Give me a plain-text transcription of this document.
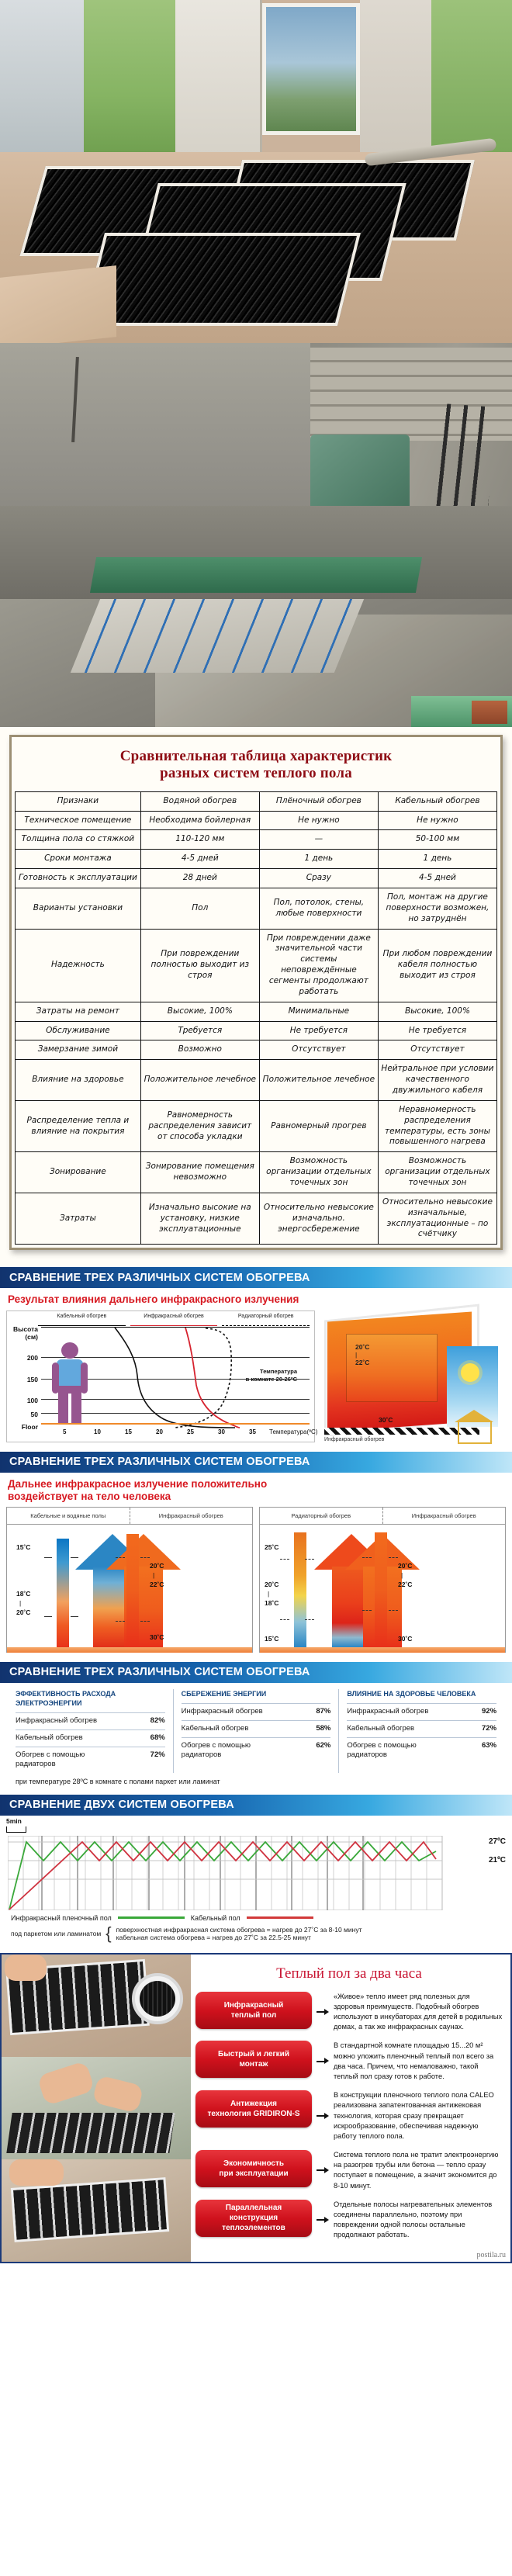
Сравнительная таблица характеристик
разных систем теплого пола
Признаки	Водяной обогрев	Плёночный обогрев	Кабельный обогрев
Техническое помещение	Необходима бойлерная	Не нужно	Не нужно
Толщина пола со стяжкой	110-120 мм	—	50-100 мм
Сроки монтажа	4-5 дней	1 день	1 день
Готовность к эксплуатации	28 дней	Сразу	4-5 дней
Варианты установки	Пол	Пол, потолок, стены, любые поверхности	Пол, монтаж на другие поверхности возможен, но затруднён
Надежность	При повреждении полностью выходит из строя	При повреждении даже значительной части системы неповреждённые сегменты продолжают работать	При любом повреждении кабеля полностью выходит из строя
Затраты на ремонт	Высокие, 100%	Минимальные	Высокие, 100%
Обслуживание	Требуется	Не требуется	Не требуется
Замерзание зимой	Возможно	Отсутствует	Отсутствует
Влияние на здоровье	Положительное лечебное	Положительное лечебное	Нейтральное при условии качественного двужильного кабеля
Распределение тепла и влияние на покрытия	Равномерность распределения зависит от способа укладки	Равномерный прогрев	Неравномерность распределения температуры, есть зоны повышенного нагрева
Зонирование	Зонирование помещения невозможно	Возможность организации отдельных точечных зон	Возможность организации отдельных точечных зон
Затраты	Изначально высокие на установку, низкие эксплуатационные	Относительно невысокие изначально. энергосбережение	Относительно невысокие изначальные, эксплуатационные – по счётчику
СРАВНЕНИЕ ТРЕХ РАЗЛИЧНЫХ СИСТЕМ ОБОГРЕВА
Результат влияния дальнего инфракрасного излучения
Кабельный обогрев	Инфракрасный обогрев	Радиаторный обогрев
Высота
(см)
200
150
100
50
Floor
Температура
в комнате 20-26ºC
5	10	15	20	25	30	35 Температура(ºC)
20˚C
|
22˚C
30˚C
Инфракрасный обогрев
СРАВНЕНИЕ ТРЕХ РАЗЛИЧНЫХ СИСТЕМ ОБОГРЕВА
Дальнее инфракрасное излучение положительно
воздействует на тело человека
Кабельные и водяные полы	Инфракрасный обогрев
15˚C
18˚C
|
20˚C
20˚C
|
22˚C
30˚C
Радиаторный обогрев	Инфракрасный обогрев
25˚C
20˚C
|
18˚C
15˚C
20˚C
|
22˚C
30˚C
СРАВНЕНИЕ ТРЕХ РАЗЛИЧНЫХ СИСТЕМ ОБОГРЕВА
ЭФФЕКТИВНОСТЬ РАСХОДА ЭЛЕКТРОЭНЕРГИИ
Инфракрасный обогрев	82%
Кабельный обогрев	68%
Обогрев с помощью радиаторов
72%
СБЕРЕЖЕНИЕ ЭНЕРГИИ
Инфракрасный обогрев	87%
Кабельный обогрев	58%
Обогрев с помощью радиаторов
62%
ВЛИЯНИЕ НА ЗДОРОВЬЕ ЧЕЛОВЕКА
Инфракрасный обогрев	92%
Кабельный обогрев	72%
Обогрев с помощью радиаторов
63%
при температуре 28ºC в комнате с полами паркет или ламинат
СРАВНЕНИЕ ДВУХ СИСТЕМ ОБОГРЕВА
5min
27ºC
21ºC
Инфракрасный пленочный пол	Кабельный пол
под паркетом или ламинатом { поверхностная инфракрасная система обогрева = нагрев до 27˚C за 8-10 минут
кабельная система обогрева = нагрев до 27˚C за 22.5-25 минут
Теплый пол за два часа
Инфракрасный
теплый пол
«Живое» тепло имеет ряд полезных для здоровья преимуществ. Подобный обогрев используют в инкубаторах для детей в родильных домах, а так же инфракрасных саунах.
Быстрый и легкий
монтаж
В стандартной комнате площадью 15...20 м² можно уложить пленочный теплый пол всего за два часа. Причем, что немаловажно, такой теплый пол сразу готов к работе.
Антижекция
технология GRIDIRON-S
В конструкции пленочного теплого пола CALEO реализована запатентованная антижековая технология, которая сразу прекращает искрообразование, обеспечивая надежную работу теплого пола.
Экономичность
при эксплуатации
Система теплого пола не тратит электроэнергию на разогрев трубы или бетона — тепло сразу поступает в помещение, а значит экономится до 8-10 минут.
Параллельная
конструкция теплоэлементов
Отдельные полосы нагревательных элементов соединены параллельно, поэтому при повреждении одной полосы остальные продолжают работать.
postila.ru
